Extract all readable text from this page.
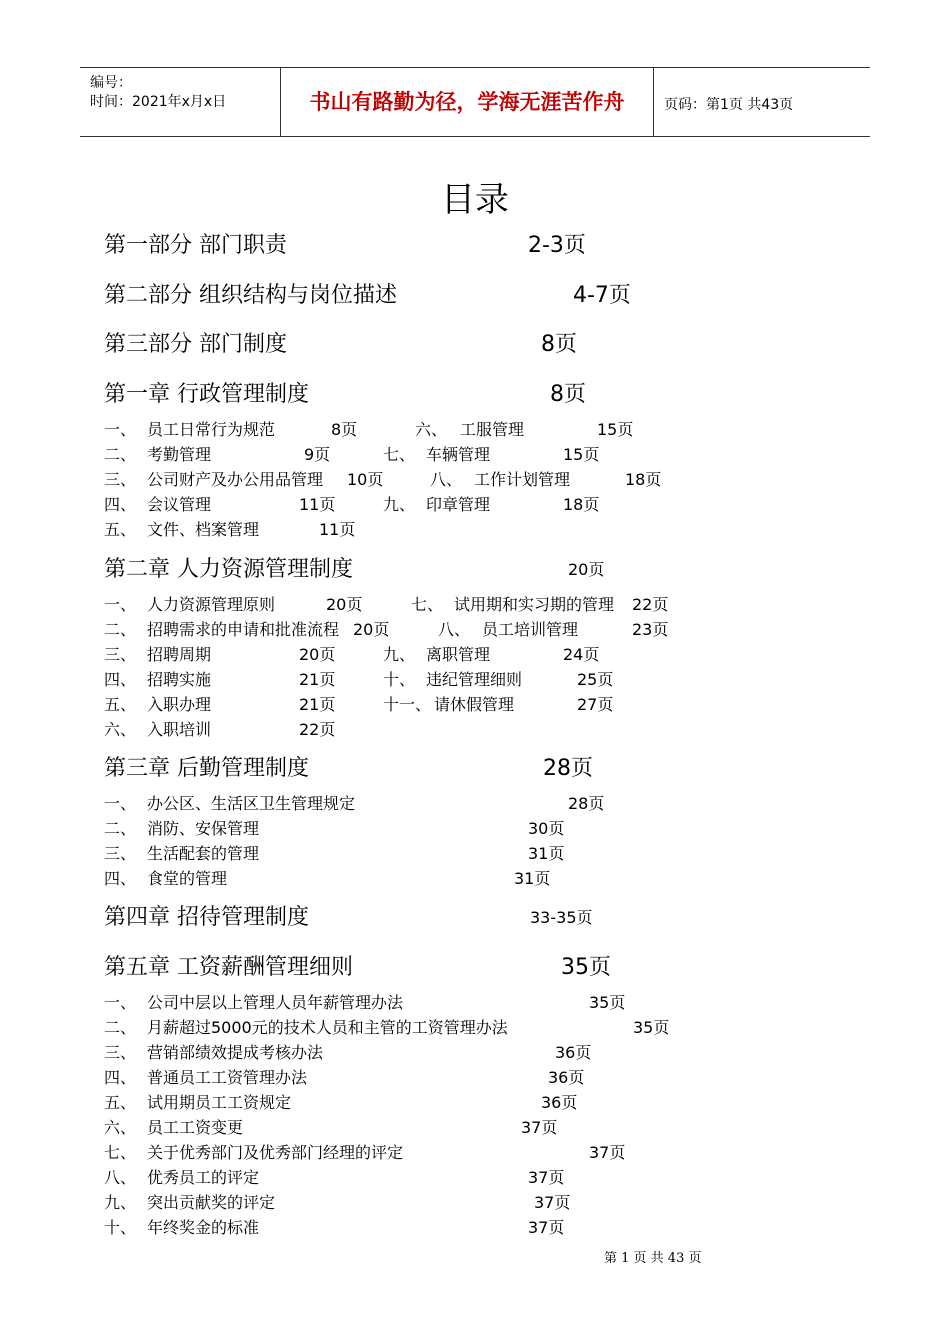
编号：
时间：2021年x月x日	书山有路勤为径，学海无涯苦作舟	页码：第1页 共43页
目录
第一部分 部门职责	2-3页
第二部分 组织结构与岗位描述	4-7页
第三部分 部门制度	8页
第一章 行政管理制度	8页
一、 员工日常行为规范	8页
二、 考勤管理	9页
三、 公司财产及办公用品管理 10页
四、 会议管理	11页
五、 文件、档案管理	11页
六、 工服管理	15页
七、 车辆管理	15页
八、 工作计划管理	18页
九、 印章管理	18页
第二章 人力资源管理制度	20页
一、 人力资源管理原则	20页
二、 招聘需求的申请和批准流程 20页
三、 招聘周期	20页
四、 招聘实施	21页
五、 入职办理	21页
六、 入职培训	22页
七、 试用期和实习期的管理 22页
八、 员工培训管理	23页
九、 离职管理	24页
十、 违纪管理细则	25页
十一、 请休假管理	27页
第三章 后勤管理制度	28页
一、 办公区、生活区卫生管理规定	28页
二、 消防、安保管理	30页
三、 生活配套的管理	31页
四、 食堂的管理	31页
第四章 招待管理制度	33-35页
第五章 工资薪酬管理细则	35页
一、 公司中层以上管理人员年薪管理办法	35页
二、 月薪超过5000元的技术人员和主管的工资管理办法	35页
三、 营销部绩效提成考核办法	36页
四、 普通员工工资管理办法	36页
五、 试用期员工工资规定	36页
六、 员工工资变更	37页
七、 关于优秀部门及优秀部门经理的评定	37页
八、 优秀员工的评定	37页
九、 突出贡献奖的评定	37页
十、 年终奖金的标准	37页
第 1 页 共 43 页
